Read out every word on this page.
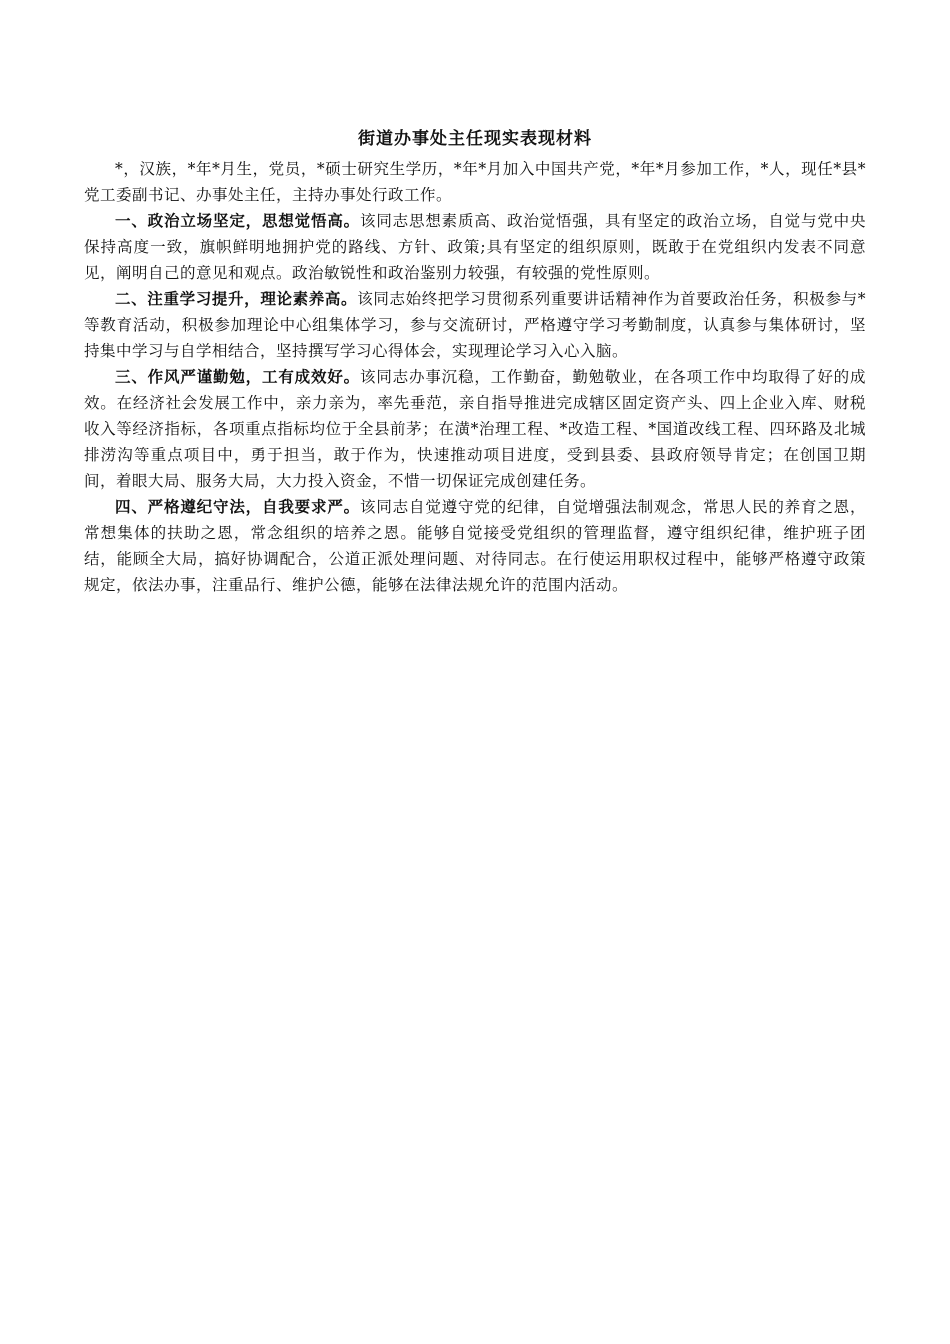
街道办事处主任现实表现材料

*，汉族，*年*月生，党员，*硕士研究生学历，*年*月加入中国共产党，*年*月参加工作，*人，现任*县*党工委副书记、办事处主任，主持办事处行政工作。

一、政治立场坚定，思想觉悟高。该同志思想素质高、政治觉悟强，具有坚定的政治立场，自觉与党中央保持高度一致，旗帜鲜明地拥护党的路线、方针、政策;具有坚定的组织原则，既敢于在党组织内发表不同意见，阐明自己的意见和观点。政治敏锐性和政治鉴别力较强，有较强的党性原则。

二、注重学习提升，理论素养高。该同志始终把学习贯彻系列重要讲话精神作为首要政治任务，积极参与*等教育活动，积极参加理论中心组集体学习，参与交流研讨，严格遵守学习考勤制度，认真参与集体研讨，坚持集中学习与自学相结合，坚持撰写学习心得体会，实现理论学习入心入脑。

三、作风严谨勤勉，工有成效好。该同志办事沉稳，工作勤奋，勤勉敬业，在各项工作中均取得了好的成效。在经济社会发展工作中，亲力亲为，率先垂范，亲自指导推进完成辖区固定资产头、四上企业入库、财税收入等经济指标，各项重点指标均位于全县前茅；在潢*治理工程、*改造工程、*国道改线工程、四环路及北城排涝沟等重点项目中，勇于担当，敢于作为，快速推动项目进度，受到县委、县政府领导肯定；在创国卫期间，着眼大局、服务大局，大力投入资金，不惜一切保证完成创建任务。

四、严格遵纪守法，自我要求严。该同志自觉遵守党的纪律，自觉增强法制观念，常思人民的养育之恩，常想集体的扶助之恩，常念组织的培养之恩。能够自觉接受党组织的管理监督，遵守组织纪律，维护班子团结，能顾全大局，搞好协调配合，公道正派处理问题、对待同志。在行使运用职权过程中，能够严格遵守政策规定，依法办事，注重品行、维护公德，能够在法律法规允许的范围内活动。
